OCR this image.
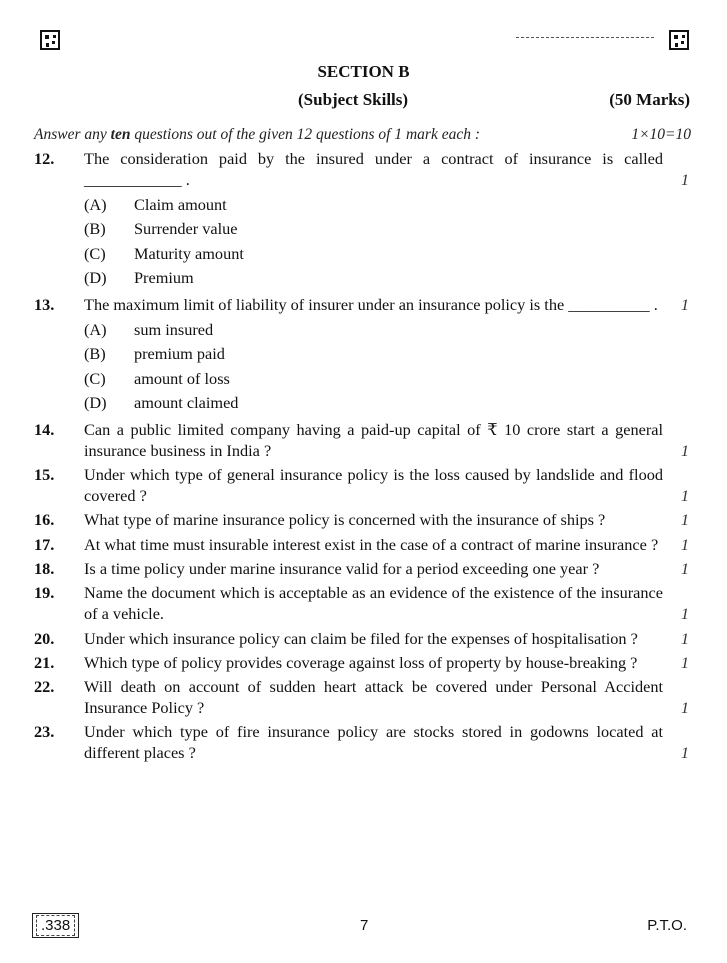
SECTION B
(Subject Skills)	(50 Marks)
Answer any ten questions out of the given 12 questions of 1 mark each :	1×10=10
12.	The consideration paid by the insured under a contract of insurance is called ____________ .	1
(A)	Claim amount
(B)	Surrender value
(C)	Maturity amount
(D)	Premium
13.	The maximum limit of liability of insurer under an insurance policy is the __________ .	1
(A)	sum insured
(B)	premium paid
(C)	amount of loss
(D)	amount claimed
14.	Can a public limited company having a paid-up capital of ₹ 10 crore start a general insurance business in India ?	1
15.	Under which type of general insurance policy is the loss caused by landslide and flood covered ?	1
16.	What type of marine insurance policy is concerned with the insurance of ships ?	1
17.	At what time must insurable interest exist in the case of a contract of marine insurance ? 1
18.	Is a time policy under marine insurance valid for a period exceeding one year ?	1
19.	Name the document which is acceptable as an evidence of the existence of the insurance of a vehicle.	1
20.	Under which insurance policy can claim be filed for the expenses of hospitalisation ?	1
21.	Which type of policy provides coverage against loss of property by house-breaking ?	1
22.	Will death on account of sudden heart attack be covered under Personal Accident Insurance Policy ?	1
23.	Under which type of fire insurance policy are stocks stored in godowns located at different places ?	1
.338	7	P.T.O.
